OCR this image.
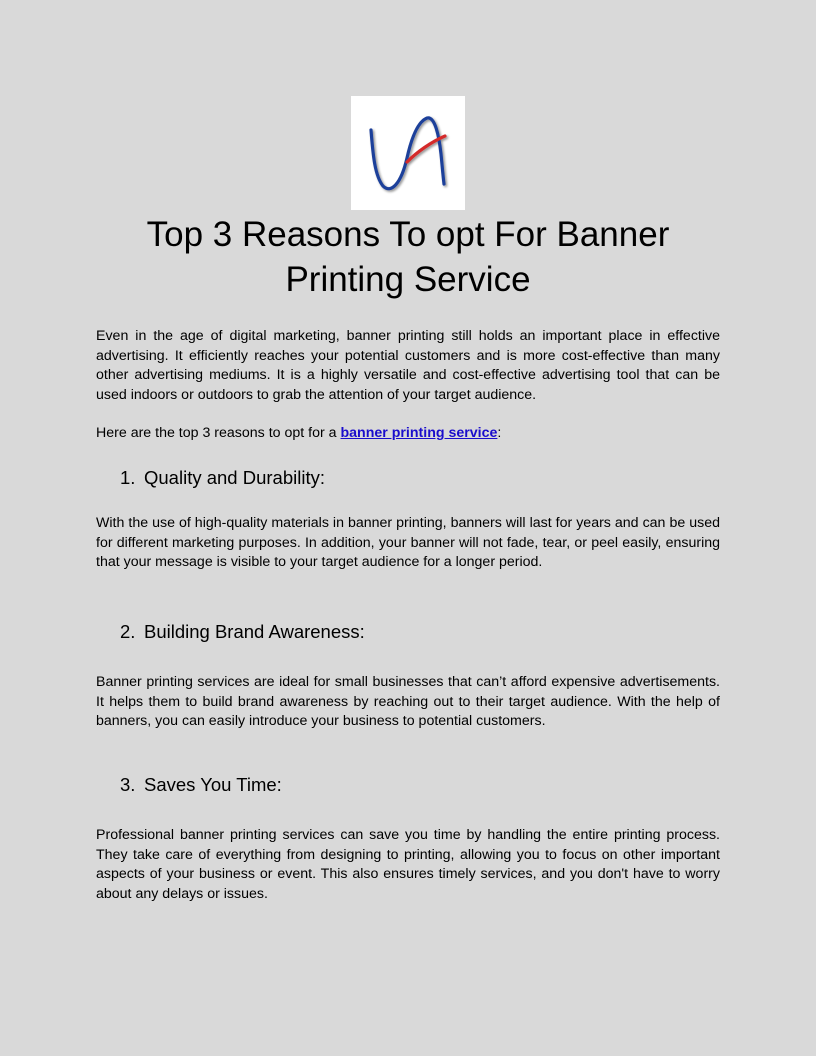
Top 3 Reasons To opt For Banner Printing Service

Even in the age of digital marketing, banner printing still holds an important place in effective advertising. It efficiently reaches your potential customers and is more cost-effective than many other advertising mediums. It is a highly versatile and cost-effective advertising tool that can be used indoors or outdoors to grab the attention of your target audience.

Here are the top 3 reasons to opt for a banner printing service:

1. Quality and Durability:

With the use of high-quality materials in banner printing, banners will last for years and can be used for different marketing purposes. In addition, your banner will not fade, tear, or peel easily, ensuring that your message is visible to your target audience for a longer period.

2. Building Brand Awareness:

Banner printing services are ideal for small businesses that can’t afford expensive advertisements. It helps them to build brand awareness by reaching out to their target audience. With the help of banners, you can easily introduce your business to potential customers.

3. Saves You Time:

Professional banner printing services can save you time by handling the entire printing process. They take care of everything from designing to printing, allowing you to focus on other important aspects of your business or event. This also ensures timely services, and you don't have to worry about any delays or issues.
